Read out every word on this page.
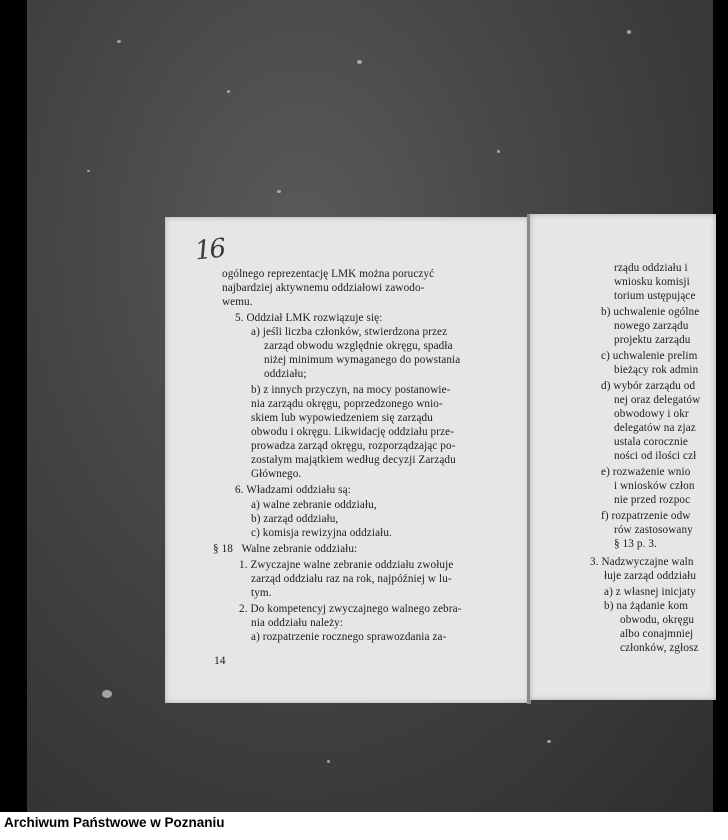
16
ogólnego reprezentację LMK można poruczyć
najbardziej aktywnemu oddziałowi zawodo-
wemu.
5. Oddział LMK rozwiązuje się:
a) jeśli liczba członków, stwierdzona przez
zarząd obwodu względnie okręgu, spadła
niżej minimum wymaganego do powstania
oddziału;
b) z innych przyczyn, na mocy postanowie-
nia zarządu okręgu, poprzedzonego wnio-
skiem lub wypowiedzeniem się zarządu
obwodu i okręgu. Likwidację oddziału prze-
prowadza zarząd okręgu, rozporządzając po-
zostałym majątkiem według decyzji Zarządu
Głównego.
6. Władzami oddziału są:
a) walne zebranie oddziału,
b) zarząd oddziału,
c) komisja rewizyjna oddziału.
§ 18   Walne zebranie oddziału:
1. Zwyczajne walne zebranie oddziału zwołuje
zarząd oddziału raz na rok, najpóźniej w lu-
tym.
2. Do kompetencyj zwyczajnego walnego zebra-
nia oddziału należy:
a) rozpatrzenie rocznego sprawozdania za-
14
rządu oddziału i
wniosku komisji
torium ustępujące
b) uchwalenie ogólne
nowego zarządu
projektu zarządu
c) uchwalenie prelim
bieżący rok admin
d) wybór zarządu od
nej oraz delegatów
obwodowy i okr
delegatów na zjaz
ustala corocznie
ności od ilości czł
e) rozważenie wnio
i wniosków człon
nie przed rozpoc
f) rozpatrzenie odw
rów zastosowany
§ 13 p. 3.
3. Nadzwyczajne waln
łuje zarząd oddziału
a) z własnej inicjaty
b) na żądanie kom
obwodu, okręgu
albo conajmniej
członków, zgłosz
Archiwum Państwowe w Poznaniu
